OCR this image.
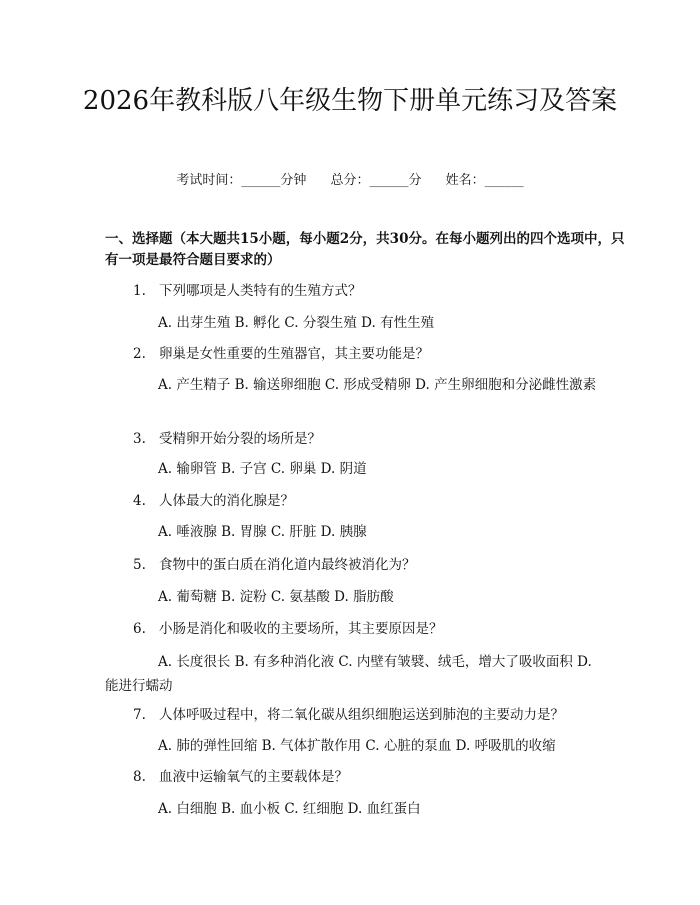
2026年教科版八年级生物下册单元练习及答案
考试时间：______分钟 总分：______分 姓名：______

一、选择题（本大题共15小题，每小题2分，共30分。在每小题列出的四个选项中，只有一项是最符合题目要求的）

1. 下列哪项是人类特有的生殖方式？
A. 出芽生殖 B. 孵化 C. 分裂生殖 D. 有性生殖
2. 卵巢是女性重要的生殖器官，其主要功能是？
A. 产生精子 B. 输送卵细胞 C. 形成受精卵 D. 产生卵细胞和分泌雌性激素
3. 受精卵开始分裂的场所是？
A. 输卵管 B. 子宫 C. 卵巢 D. 阴道
4. 人体最大的消化腺是？
A. 唾液腺 B. 胃腺 C. 肝脏 D. 胰腺
5. 食物中的蛋白质在消化道内最终被消化为？
A. 葡萄糖 B. 淀粉 C. 氨基酸 D. 脂肪酸
6. 小肠是消化和吸收的主要场所，其主要原因是？
A. 长度很长 B. 有多种消化液 C. 内壁有皱襞、绒毛，增大了吸收面积 D. 能进行蠕动
7. 人体呼吸过程中，将二氧化碳从组织细胞运送到肺泡的主要动力是？
A. 肺的弹性回缩 B. 气体扩散作用 C. 心脏的泵血 D. 呼吸肌的收缩
8. 血液中运输氧气的主要载体是？
A. 白细胞 B. 血小板 C. 红细胞 D. 血红蛋白
